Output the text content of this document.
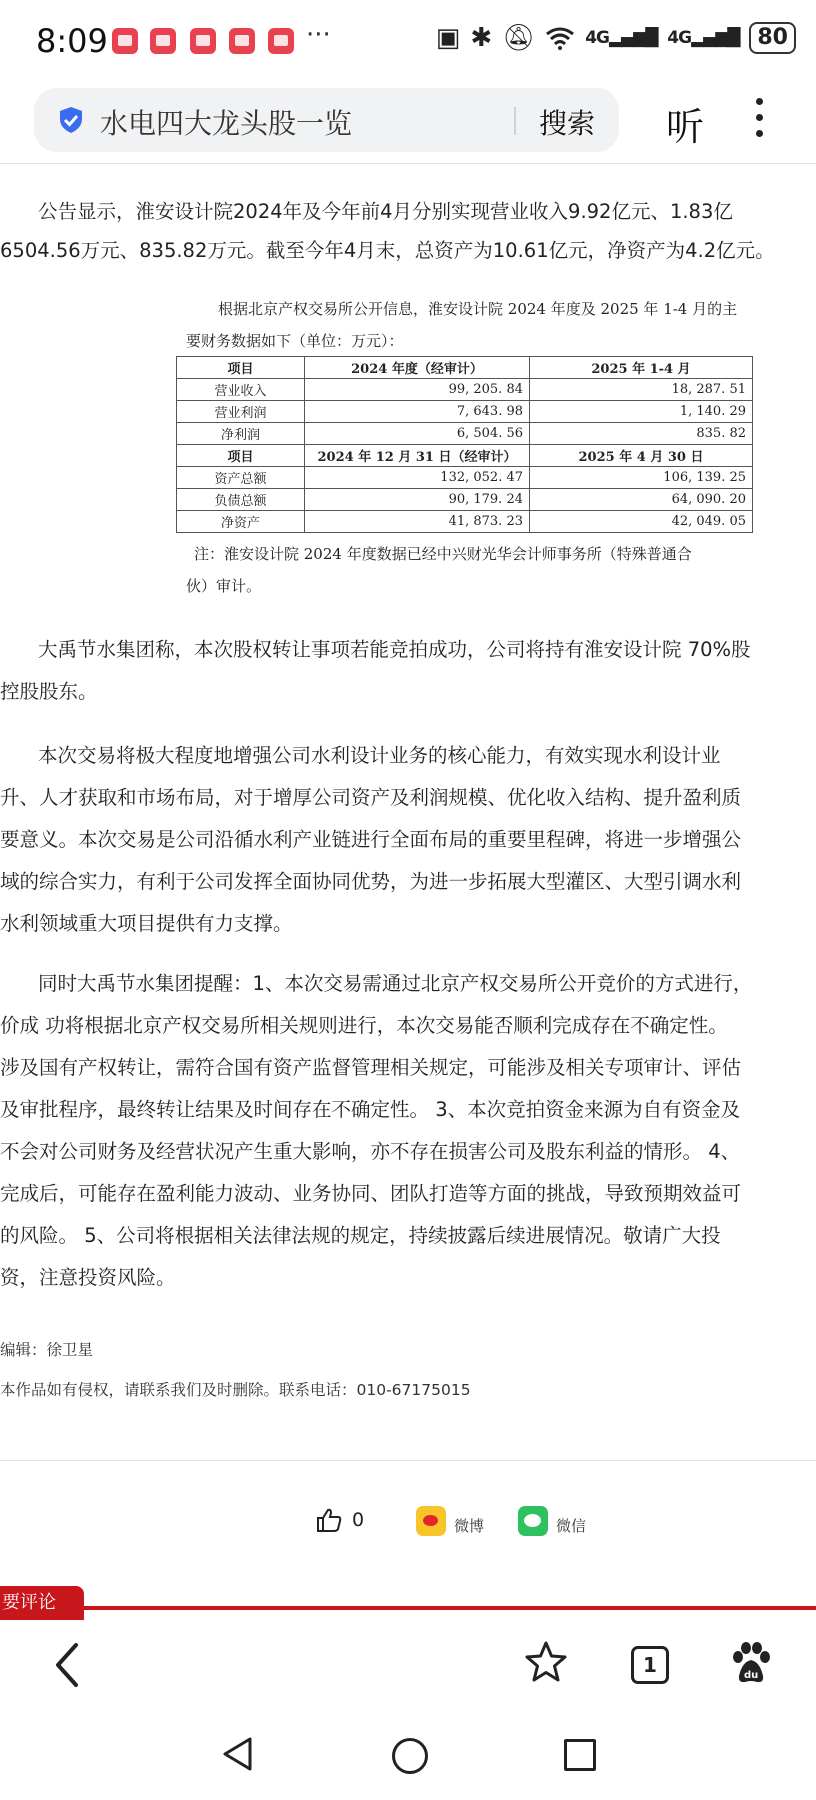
8:09	···	▣ ✱ 🔕︎	4G▂▄▆█ 4G▂▄▆█ 80
水电四大龙头股一览	搜索 听
公告显示，淮安设计院2024年及今年前4月分别实现营业收入9.92亿元、1.83亿
6504.56万元、835.82万元。截至今年4月末，总资产为10.61亿元，净资产为4.2亿元。
根据北京产权交易所公开信息，淮安设计院 2024 年度及 2025 年 1-4 月的主
要财务数据如下（单位：万元）：
项目	2024 年度（经审计）	2025 年 1-4 月
营业收入	99, 205. 84	18, 287. 51
营业利润	7, 643. 98	1, 140. 29
净利润	6, 504. 56	835. 82
项目	2024 年 12 月 31 日（经审计）	2025 年 4 月 30 日
资产总额	132, 052. 47	106, 139. 25
负债总额	90, 179. 24	64, 090. 20
净资产	41, 873. 23	42, 049. 05
注：淮安设计院 2024 年度数据已经中兴财光华会计师事务所（特殊普通合
伙）审计。
大禹节水集团称，本次股权转让事项若能竞拍成功，公司将持有淮安设计院 70%股
控股股东。
本次交易将极大程度地增强公司水利设计业务的核心能力，有效实现水利设计业
升、人才获取和市场布局，对于增厚公司资产及利润规模、优化收入结构、提升盈利质
要意义。本次交易是公司沿循水利产业链进行全面布局的重要里程碑，将进一步增强公
域的综合实力，有利于公司发挥全面协同优势，为进一步拓展大型灌区、大型引调水利
水利领域重大项目提供有力支撑。
同时大禹节水集团提醒：1、本次交易需通过北京产权交易所公开竞价的方式进行，
价成 功将根据北京产权交易所相关规则进行，本次交易能否顺利完成存在不确定性。
涉及国有产权转让，需符合国有资产监督管理相关规定，可能涉及相关专项审计、评估
及审批程序，最终转让结果及时间存在不确定性。 3、本次竞拍资金来源为自有资金及
不会对公司财务及经营状况产生重大影响，亦不存在损害公司及股东利益的情形。 4、
完成后，可能存在盈利能力波动、业务协同、团队打造等方面的挑战，导致预期效益可
的风险。 5、公司将根据相关法律法规的规定，持续披露后续进展情况。敬请广大投
资，注意投资风险。
编辑：徐卫星
本作品如有侵权，请联系我们及时删除。联系电话：010-67175015
0	微博	微信
要评论
1	du
